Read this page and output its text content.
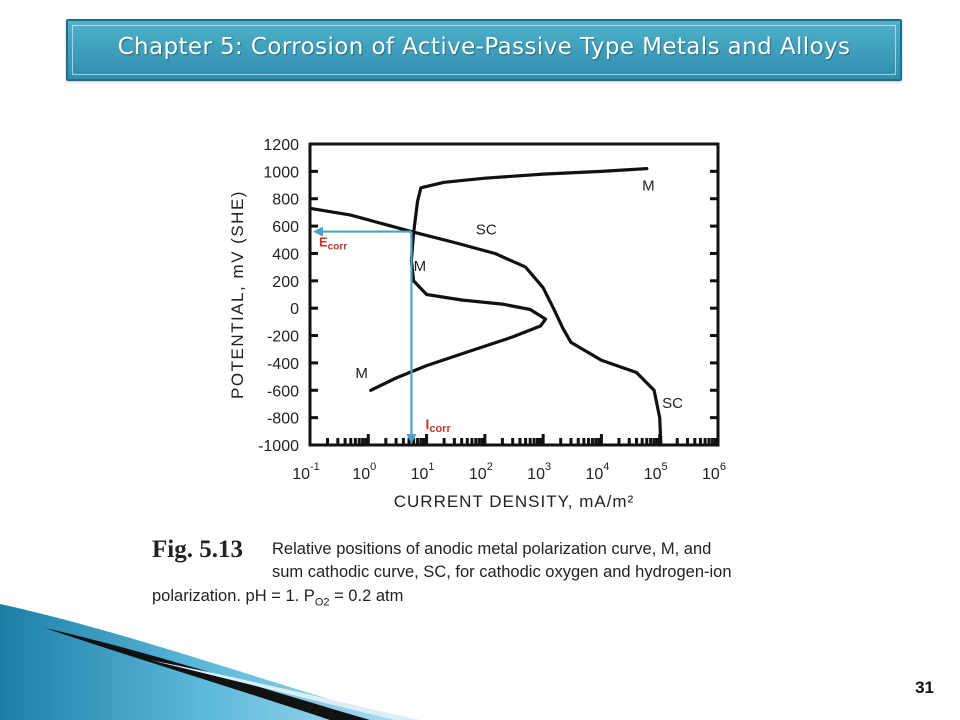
Chapter 5: Corrosion of Active-Passive Type Metals and Alloys
1200
1000
800
600
400
200
0
-200
-400
-600
-800
-1000
$10^{-1}$ $10^0$ $10^1$ $10^2$ $10^3$ $10^4$ $10^5$ $10^6$
CURRENT DENSITY, mA/m²
POTENTIAL, mV (SHE)
M
SC
M
M
SC
$E_{corr}$
$I_{corr}$
Fig. 5.13 Relative positions of anodic metal polarization curve, M, and
sum cathodic curve, SC, for cathodic oxygen and hydrogen-ion
polarization. pH = 1. $P_{O2} = 0.2$ atm
31
